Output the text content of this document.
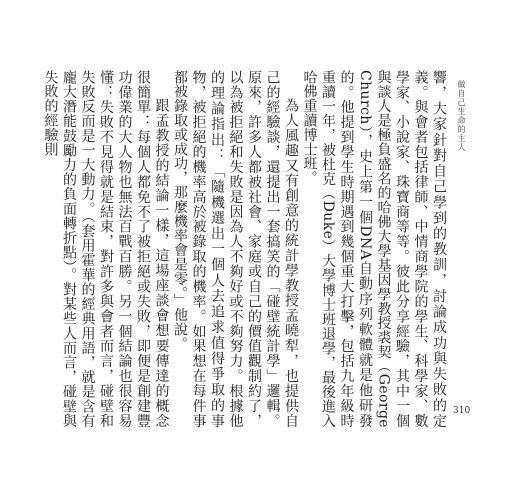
做自己生命的主人
310

響，大家針對自己學到的教訓，討論成功與失敗的定義。與會者包括律師、中情商學院的學生、科學家、數學家、小說家、珠寶商等等。彼此分享經驗，其中一個與談人是極負盛名的哈佛大學基因學教授裘契（George Church），史上第一個DNA自動序列軟體就是他研發的。他提到學生時期遇到幾個重大打擊，包括九年級時重讀一年，被杜克（Duke）大學博士班退學，最後進入哈佛重讀博士班。

為人風趣又有創意的統計學教授孟曉犁，也提供自己的經驗談，還提出一套搞笑的「碰壁統計學」邏輯。原來，許多人都被社會、家庭或自己的價值觀制約了，以為被拒絕和失敗是因為人不夠好或不夠努力。根據他的理論指出：「隨機選出一個人去追求值得爭取的事物，被拒絕的機率高於被錄取的機率。如果想在每件事都被錄取或成功，那麼機率會是零。」他說。

跟孟教授的結論一樣，這場座談會想要傳達的概念很簡單：每個人都免不了被拒絕或失敗，即便是創建豐功偉業的大人物也無法百戰百勝。另一個結論也很容易懂：失敗不見得就是結束，對許多與會者而言，碰壁和失敗反而是一大動力。（套用霍華的經典用語，就是含有龐大潛能鼓勵力的負面轉折點）。對某些人而言，碰壁與失敗的經驗則
